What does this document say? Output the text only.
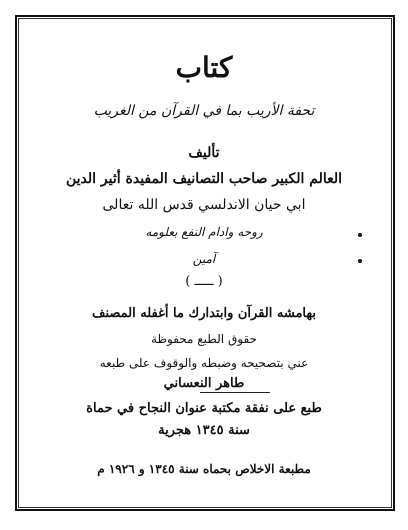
كتاب
تحفة الأريب بما في القرآن من الغريب
تأليف
العالم الكبير صاحب التصانيف المفيدة أثير الدين
ابي حيان الاندلسي قدس الله تعالى
روحه وادام النفع بعلومه
آمين
( ـــــ )
بهامشه القرآن وابتدارك ما أغفله المصنف
حقوق الطبع محفوظة
عني بتصحيحه وضبطه والوقوف على طبعه
طاهر النعساني
طبع على نفقة مكتبة عنوان النجاح في حماة
سنة ١٣٤٥ هجرية
مطبعة الاخلاص بحماه سنة ١٣٤٥ و ١٩٢٦ م
